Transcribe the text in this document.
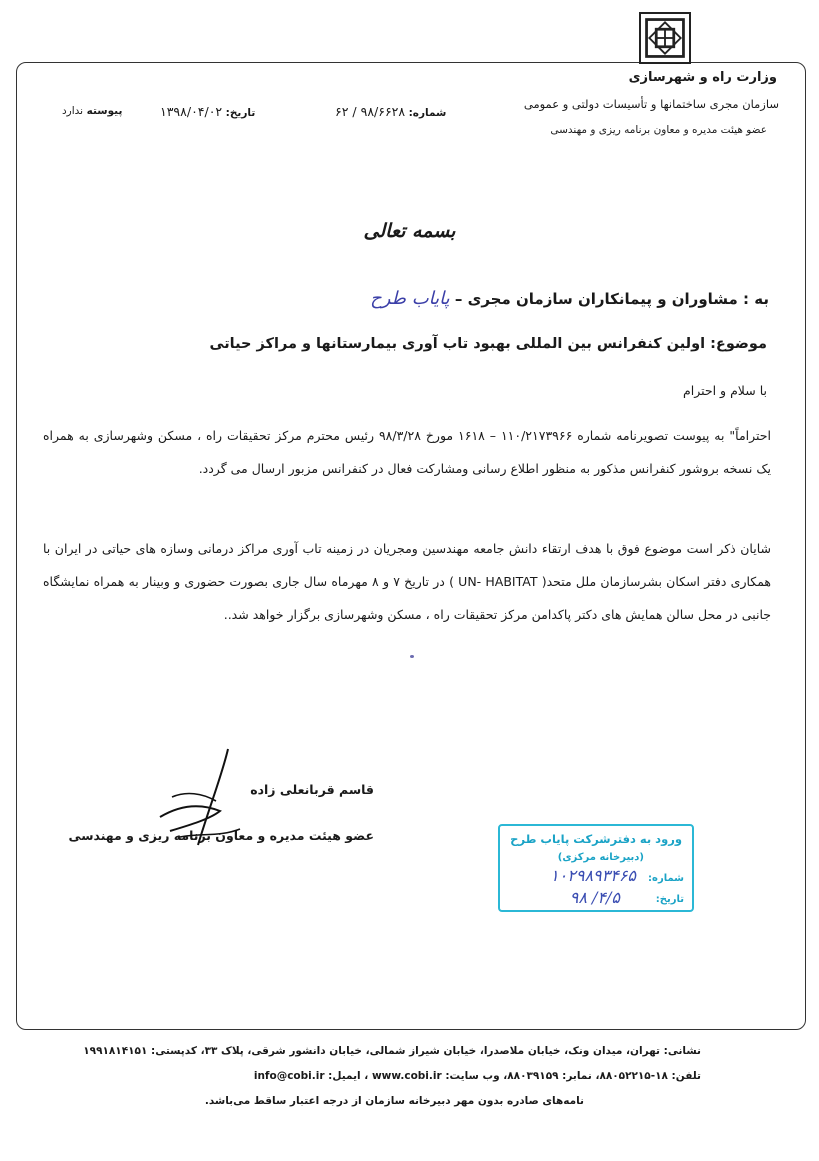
وزارت راه و شهرسازی
سازمان مجری ساختمانها و تأسیسات دولتی و عمومی
عضو هیئت مدیره و معاون برنامه ریزی و مهندسی
شماره: ۹۸/۶۶۲۸ / ۶۲
تاریخ: ۱۳۹۸/۰۴/۰۲
پیوسته ندارد
بسمه تعالی
به : مشاوران و پیمانکاران سازمان مجری – پایاب طرح
موضوع: اولین کنفرانس بین المللی بهبود تاب آوری بیمارستانها و مراکز حیاتی
با سلام و احترام
احتراماً" به پیوست تصویرنامه شماره ۱۱۰/۲۱۷۳۹۶۶ – ۱۶۱۸ مورخ ۹۸/۳/۲۸ رئیس محترم مرکز تحقیقات راه ، مسکن وشهرسازی به همراه یک نسخه بروشور کنفرانس مذکور به منظور اطلاع رسانی ومشارکت فعال در کنفرانس مزبور ارسال می گردد.
شایان ذکر است موضوع فوق با هدف ارتقاء دانش جامعه مهندسین ومجریان در زمینه تاب آوری مراکز درمانی وسازه های حیاتی در ایران با همکاری دفتر اسکان بشرسازمان ملل متحد( UN- HABITAT ) در تاریخ ۷ و ۸ مهرماه سال جاری بصورت حضوری و وبینار به همراه نمایشگاه جانبی در محل سالن همایش های دکتر پاکدامن مرکز تحقیقات راه ، مسکن وشهرسازی برگزار خواهد شد..
قاسم قربانعلی زاده
عضو هیئت مدیره و معاون برنامه ریزی و مهندسی	ورود به دفترشرکت پایاب طرح
(دبیرخانه مرکزی)
شماره:
۱۰۲۹۸۹۳۴۶۵
تاریخ:
۹۸ /۴/۵
نشانی: تهران، میدان ونک، خیابان ملاصدرا، خیابان شیراز شمالی، خیابان دانشور شرقی، پلاک ۳۳، کدپستی: ۱۹۹۱۸۱۴۱۵۱
تلفن: ۱۸-۸۸۰۵۲۲۱۵، نمابر: ۸۸۰۳۹۱۵۹، وب سایت: www.cobi.ir ، ایمیل: info@cobi.ir
نامه‌های صادره بدون مهر دبیرخانه سازمان از درجه اعتبار ساقط می‌باشد.
